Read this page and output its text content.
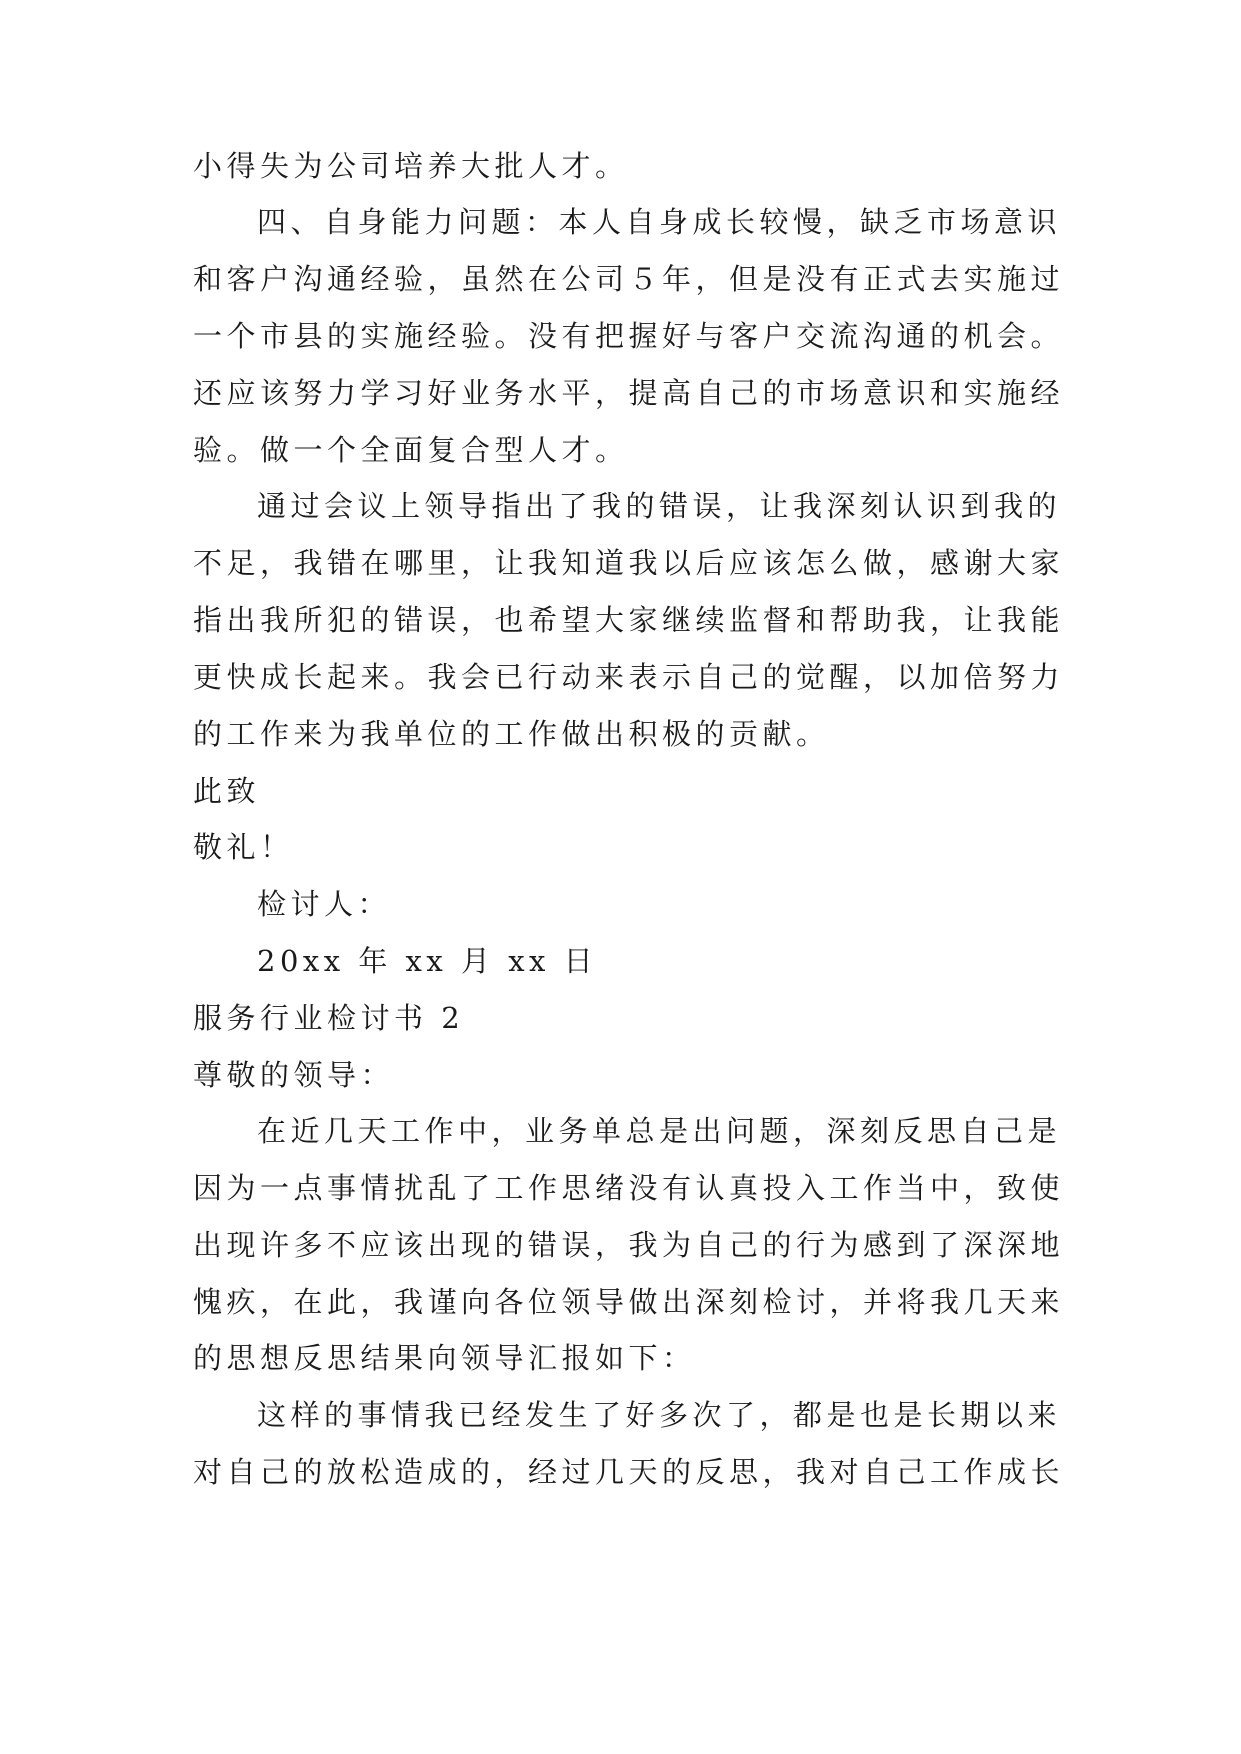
小得失为公司培养大批人才。
四、自身能力问题：本人自身成长较慢，缺乏市场意识
和客户沟通经验，虽然在公司５年，但是没有正式去实施过
一个市县的实施经验。没有把握好与客户交流沟通的机会。
还应该努力学习好业务水平，提高自己的市场意识和实施经
验。做一个全面复合型人才。
通过会议上领导指出了我的错误，让我深刻认识到我的
不足，我错在哪里，让我知道我以后应该怎么做，感谢大家
指出我所犯的错误，也希望大家继续监督和帮助我，让我能
更快成长起来。我会已行动来表示自己的觉醒，以加倍努力
的工作来为我单位的工作做出积极的贡献。
此致
敬礼！
检讨人：
20xx 年 xx 月 xx 日
服务行业检讨书 2
尊敬的领导：
在近几天工作中，业务单总是出问题，深刻反思自己是
因为一点事情扰乱了工作思绪没有认真投入工作当中，致使
出现许多不应该出现的错误，我为自己的行为感到了深深地
愧疚，在此，我谨向各位领导做出深刻检讨，并将我几天来
的思想反思结果向领导汇报如下：
这样的事情我已经发生了好多次了，都是也是长期以来
对自己的放松造成的，经过几天的反思，我对自己工作成长
